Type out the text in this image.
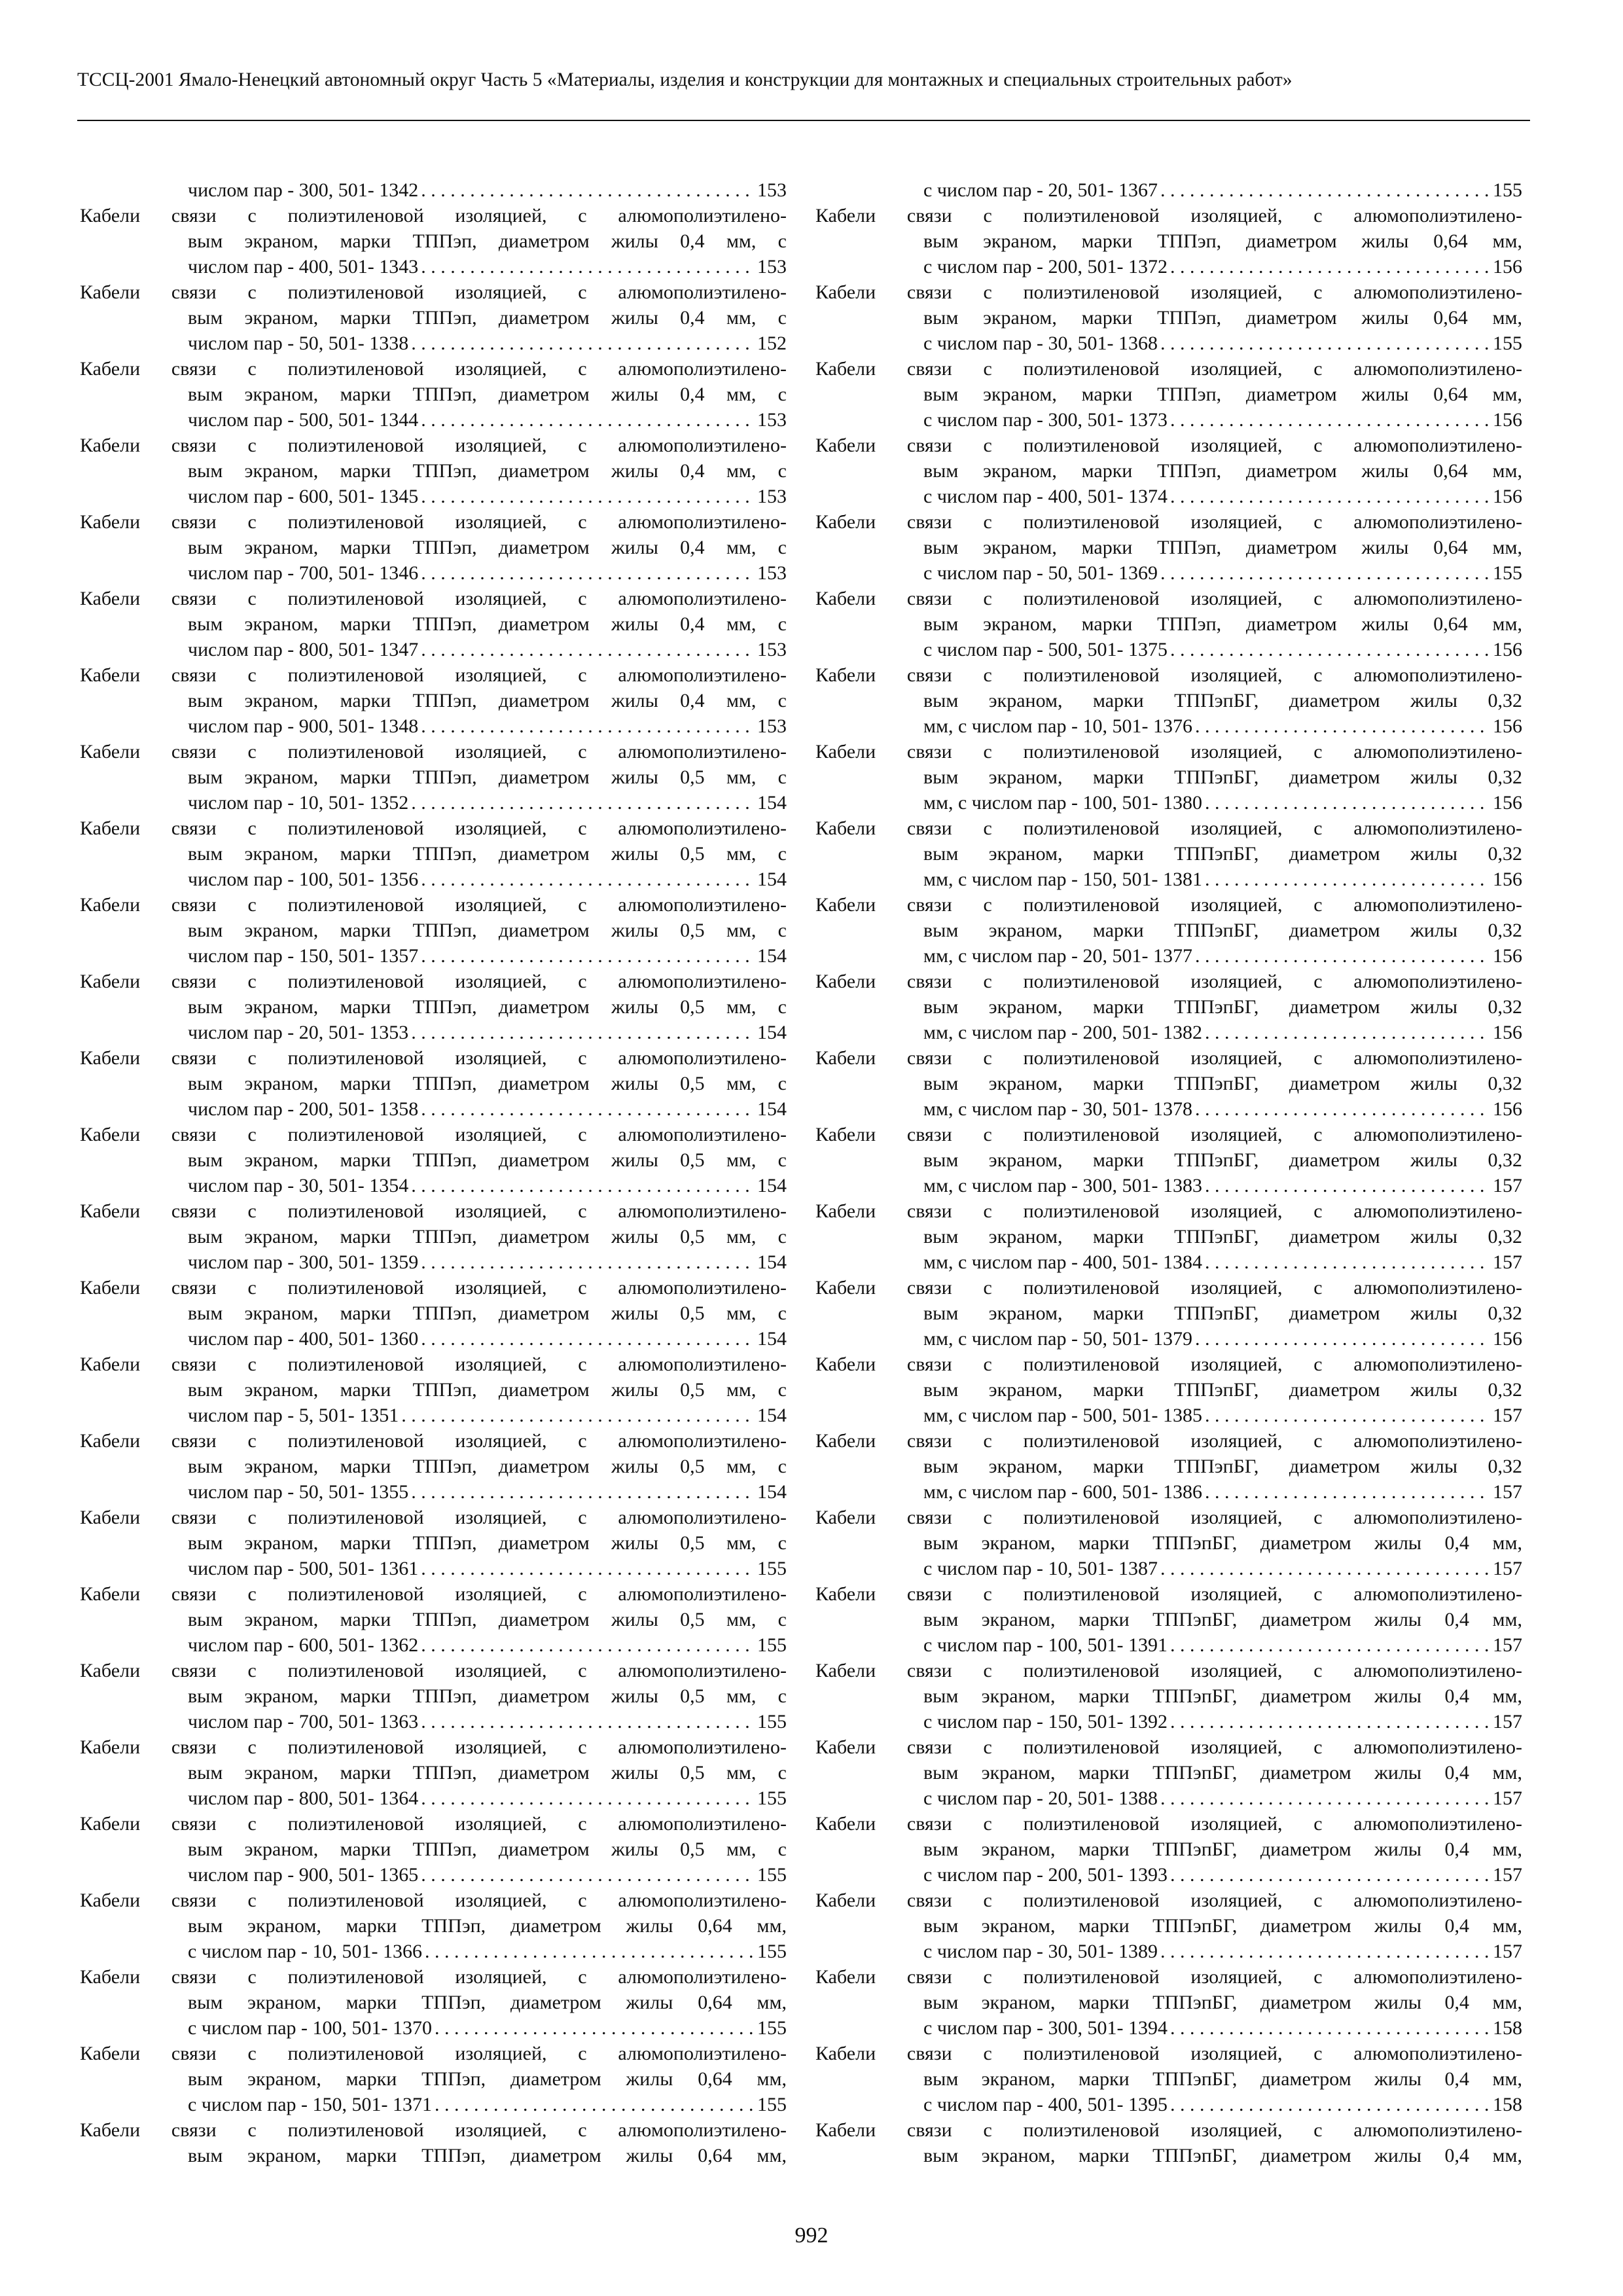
ТССЦ-2001 Ямало-Ненецкий автономный округ Часть 5 «Материалы, изделия и конструкции для монтажных и специальных строительных работ»
числом пар - 300, 501- 1342 . . .	153
Кабели связи с полиэтиленовой изоляцией, с алюмополиэтилено-
вым экраном, марки ТППэп, диаметром жилы 0,4 мм, с
числом пар - 400, 501- 1343 . . .	153
Кабели связи с полиэтиленовой изоляцией, с алюмополиэтилено-
вым экраном, марки ТППэп, диаметром жилы 0,4 мм, с
числом пар - 50, 501- 1338 . . .	152
Кабели связи с полиэтиленовой изоляцией, с алюмополиэтилено-
вым экраном, марки ТППэп, диаметром жилы 0,4 мм, с
числом пар - 500, 501- 1344 . . .	153
Кабели связи с полиэтиленовой изоляцией, с алюмополиэтилено-
вым экраном, марки ТППэп, диаметром жилы 0,4 мм, с
числом пар - 600, 501- 1345 . . .	153
Кабели связи с полиэтиленовой изоляцией, с алюмополиэтилено-
вым экраном, марки ТППэп, диаметром жилы 0,4 мм, с
числом пар - 700, 501- 1346 . . .	153
Кабели связи с полиэтиленовой изоляцией, с алюмополиэтилено-
вым экраном, марки ТППэп, диаметром жилы 0,4 мм, с
числом пар - 800, 501- 1347 . . .	153
Кабели связи с полиэтиленовой изоляцией, с алюмополиэтилено-
вым экраном, марки ТППэп, диаметром жилы 0,4 мм, с
числом пар - 900, 501- 1348 . . .	153
Кабели связи с полиэтиленовой изоляцией, с алюмополиэтилено-
вым экраном, марки ТППэп, диаметром жилы 0,5 мм, с
числом пар - 10, 501- 1352 . . .	154
Кабели связи с полиэтиленовой изоляцией, с алюмополиэтилено-
вым экраном, марки ТППэп, диаметром жилы 0,5 мм, с
числом пар - 100, 501- 1356 . . .	154
Кабели связи с полиэтиленовой изоляцией, с алюмополиэтилено-
вым экраном, марки ТППэп, диаметром жилы 0,5 мм, с
числом пар - 150, 501- 1357 . . .	154
Кабели связи с полиэтиленовой изоляцией, с алюмополиэтилено-
вым экраном, марки ТППэп, диаметром жилы 0,5 мм, с
числом пар - 20, 501- 1353 . . .	154
Кабели связи с полиэтиленовой изоляцией, с алюмополиэтилено-
вым экраном, марки ТППэп, диаметром жилы 0,5 мм, с
числом пар - 200, 501- 1358 . . .	154
Кабели связи с полиэтиленовой изоляцией, с алюмополиэтилено-
вым экраном, марки ТППэп, диаметром жилы 0,5 мм, с
числом пар - 30, 501- 1354 . . .	154
Кабели связи с полиэтиленовой изоляцией, с алюмополиэтилено-
вым экраном, марки ТППэп, диаметром жилы 0,5 мм, с
числом пар - 300, 501- 1359 . . .	154
Кабели связи с полиэтиленовой изоляцией, с алюмополиэтилено-
вым экраном, марки ТППэп, диаметром жилы 0,5 мм, с
числом пар - 400, 501- 1360 . . .	154
Кабели связи с полиэтиленовой изоляцией, с алюмополиэтилено-
вым экраном, марки ТППэп, диаметром жилы 0,5 мм, с
числом пар - 5, 501- 1351 . . .	154
Кабели связи с полиэтиленовой изоляцией, с алюмополиэтилено-
вым экраном, марки ТППэп, диаметром жилы 0,5 мм, с
числом пар - 50, 501- 1355 . . .	154
Кабели связи с полиэтиленовой изоляцией, с алюмополиэтилено-
вым экраном, марки ТППэп, диаметром жилы 0,5 мм, с
числом пар - 500, 501- 1361 . . .	155
Кабели связи с полиэтиленовой изоляцией, с алюмополиэтилено-
вым экраном, марки ТППэп, диаметром жилы 0,5 мм, с
числом пар - 600, 501- 1362 . . .	155
Кабели связи с полиэтиленовой изоляцией, с алюмополиэтилено-
вым экраном, марки ТППэп, диаметром жилы 0,5 мм, с
числом пар - 700, 501- 1363 . . .	155
Кабели связи с полиэтиленовой изоляцией, с алюмополиэтилено-
вым экраном, марки ТППэп, диаметром жилы 0,5 мм, с
числом пар - 800, 501- 1364 . . .	155
Кабели связи с полиэтиленовой изоляцией, с алюмополиэтилено-
вым экраном, марки ТППэп, диаметром жилы 0,5 мм, с
числом пар - 900, 501- 1365 . . .	155
Кабели связи с полиэтиленовой изоляцией, с алюмополиэтилено-
вым экраном, марки ТППэп, диаметром жилы 0,64 мм,
с числом пар - 10, 501- 1366 . . .	155
Кабели связи с полиэтиленовой изоляцией, с алюмополиэтилено-
вым экраном, марки ТППэп, диаметром жилы 0,64 мм,
с числом пар - 100, 501- 1370 . . .	155
Кабели связи с полиэтиленовой изоляцией, с алюмополиэтилено-
вым экраном, марки ТППэп, диаметром жилы 0,64 мм,
с числом пар - 150, 501- 1371 . . .	155
Кабели связи с полиэтиленовой изоляцией, с алюмополиэтилено-
вым экраном, марки ТППэп, диаметром жилы 0,64 мм,
с числом пар - 20, 501- 1367 . . .	155
Кабели связи с полиэтиленовой изоляцией, с алюмополиэтилено-
вым экраном, марки ТППэп, диаметром жилы 0,64 мм,
с числом пар - 200, 501- 1372 . . .	156
Кабели связи с полиэтиленовой изоляцией, с алюмополиэтилено-
вым экраном, марки ТППэп, диаметром жилы 0,64 мм,
с числом пар - 30, 501- 1368 . . .	155
Кабели связи с полиэтиленовой изоляцией, с алюмополиэтилено-
вым экраном, марки ТППэп, диаметром жилы 0,64 мм,
с числом пар - 300, 501- 1373 . . .	156
Кабели связи с полиэтиленовой изоляцией, с алюмополиэтилено-
вым экраном, марки ТППэп, диаметром жилы 0,64 мм,
с числом пар - 400, 501- 1374 . . .	156
Кабели связи с полиэтиленовой изоляцией, с алюмополиэтилено-
вым экраном, марки ТППэп, диаметром жилы 0,64 мм,
с числом пар - 50, 501- 1369 . . .	155
Кабели связи с полиэтиленовой изоляцией, с алюмополиэтилено-
вым экраном, марки ТППэп, диаметром жилы 0,64 мм,
с числом пар - 500, 501- 1375 . . .	156
Кабели связи с полиэтиленовой изоляцией, с алюмополиэтилено-
вым экраном, марки ТППэпБГ, диаметром жилы 0,32
мм, с числом пар - 10, 501- 1376 . . .	156
Кабели связи с полиэтиленовой изоляцией, с алюмополиэтилено-
вым экраном, марки ТППэпБГ, диаметром жилы 0,32
мм, с числом пар - 100, 501- 1380 . . .	156
Кабели связи с полиэтиленовой изоляцией, с алюмополиэтилено-
вым экраном, марки ТППэпБГ, диаметром жилы 0,32
мм, с числом пар - 150, 501- 1381 . . .	156
Кабели связи с полиэтиленовой изоляцией, с алюмополиэтилено-
вым экраном, марки ТППэпБГ, диаметром жилы 0,32
мм, с числом пар - 20, 501- 1377 . . .	156
Кабели связи с полиэтиленовой изоляцией, с алюмополиэтилено-
вым экраном, марки ТППэпБГ, диаметром жилы 0,32
мм, с числом пар - 200, 501- 1382 . . .	156
Кабели связи с полиэтиленовой изоляцией, с алюмополиэтилено-
вым экраном, марки ТППэпБГ, диаметром жилы 0,32
мм, с числом пар - 30, 501- 1378 . . .	156
Кабели связи с полиэтиленовой изоляцией, с алюмополиэтилено-
вым экраном, марки ТППэпБГ, диаметром жилы 0,32
мм, с числом пар - 300, 501- 1383 . . .	157
Кабели связи с полиэтиленовой изоляцией, с алюмополиэтилено-
вым экраном, марки ТППэпБГ, диаметром жилы 0,32
мм, с числом пар - 400, 501- 1384 . . .	157
Кабели связи с полиэтиленовой изоляцией, с алюмополиэтилено-
вым экраном, марки ТППэпБГ, диаметром жилы 0,32
мм, с числом пар - 50, 501- 1379 . . .	156
Кабели связи с полиэтиленовой изоляцией, с алюмополиэтилено-
вым экраном, марки ТППэпБГ, диаметром жилы 0,32
мм, с числом пар - 500, 501- 1385 . . .	157
Кабели связи с полиэтиленовой изоляцией, с алюмополиэтилено-
вым экраном, марки ТППэпБГ, диаметром жилы 0,32
мм, с числом пар - 600, 501- 1386 . . .	157
Кабели связи с полиэтиленовой изоляцией, с алюмополиэтилено-
вым экраном, марки ТППэпБГ, диаметром жилы 0,4 мм,
с числом пар - 10, 501- 1387 . . .	157
Кабели связи с полиэтиленовой изоляцией, с алюмополиэтилено-
вым экраном, марки ТППэпБГ, диаметром жилы 0,4 мм,
с числом пар - 100, 501- 1391 . . .	157
Кабели связи с полиэтиленовой изоляцией, с алюмополиэтилено-
вым экраном, марки ТППэпБГ, диаметром жилы 0,4 мм,
с числом пар - 150, 501- 1392 . . .	157
Кабели связи с полиэтиленовой изоляцией, с алюмополиэтилено-
вым экраном, марки ТППэпБГ, диаметром жилы 0,4 мм,
с числом пар - 20, 501- 1388 . . .	157
Кабели связи с полиэтиленовой изоляцией, с алюмополиэтилено-
вым экраном, марки ТППэпБГ, диаметром жилы 0,4 мм,
с числом пар - 200, 501- 1393 . . .	157
Кабели связи с полиэтиленовой изоляцией, с алюмополиэтилено-
вым экраном, марки ТППэпБГ, диаметром жилы 0,4 мм,
с числом пар - 30, 501- 1389 . . .	157
Кабели связи с полиэтиленовой изоляцией, с алюмополиэтилено-
вым экраном, марки ТППэпБГ, диаметром жилы 0,4 мм,
с числом пар - 300, 501- 1394 . . .	158
Кабели связи с полиэтиленовой изоляцией, с алюмополиэтилено-
вым экраном, марки ТППэпБГ, диаметром жилы 0,4 мм,
с числом пар - 400, 501- 1395 . . .	158
Кабели связи с полиэтиленовой изоляцией, с алюмополиэтилено-
вым экраном, марки ТППэпБГ, диаметром жилы 0,4 мм,
992
